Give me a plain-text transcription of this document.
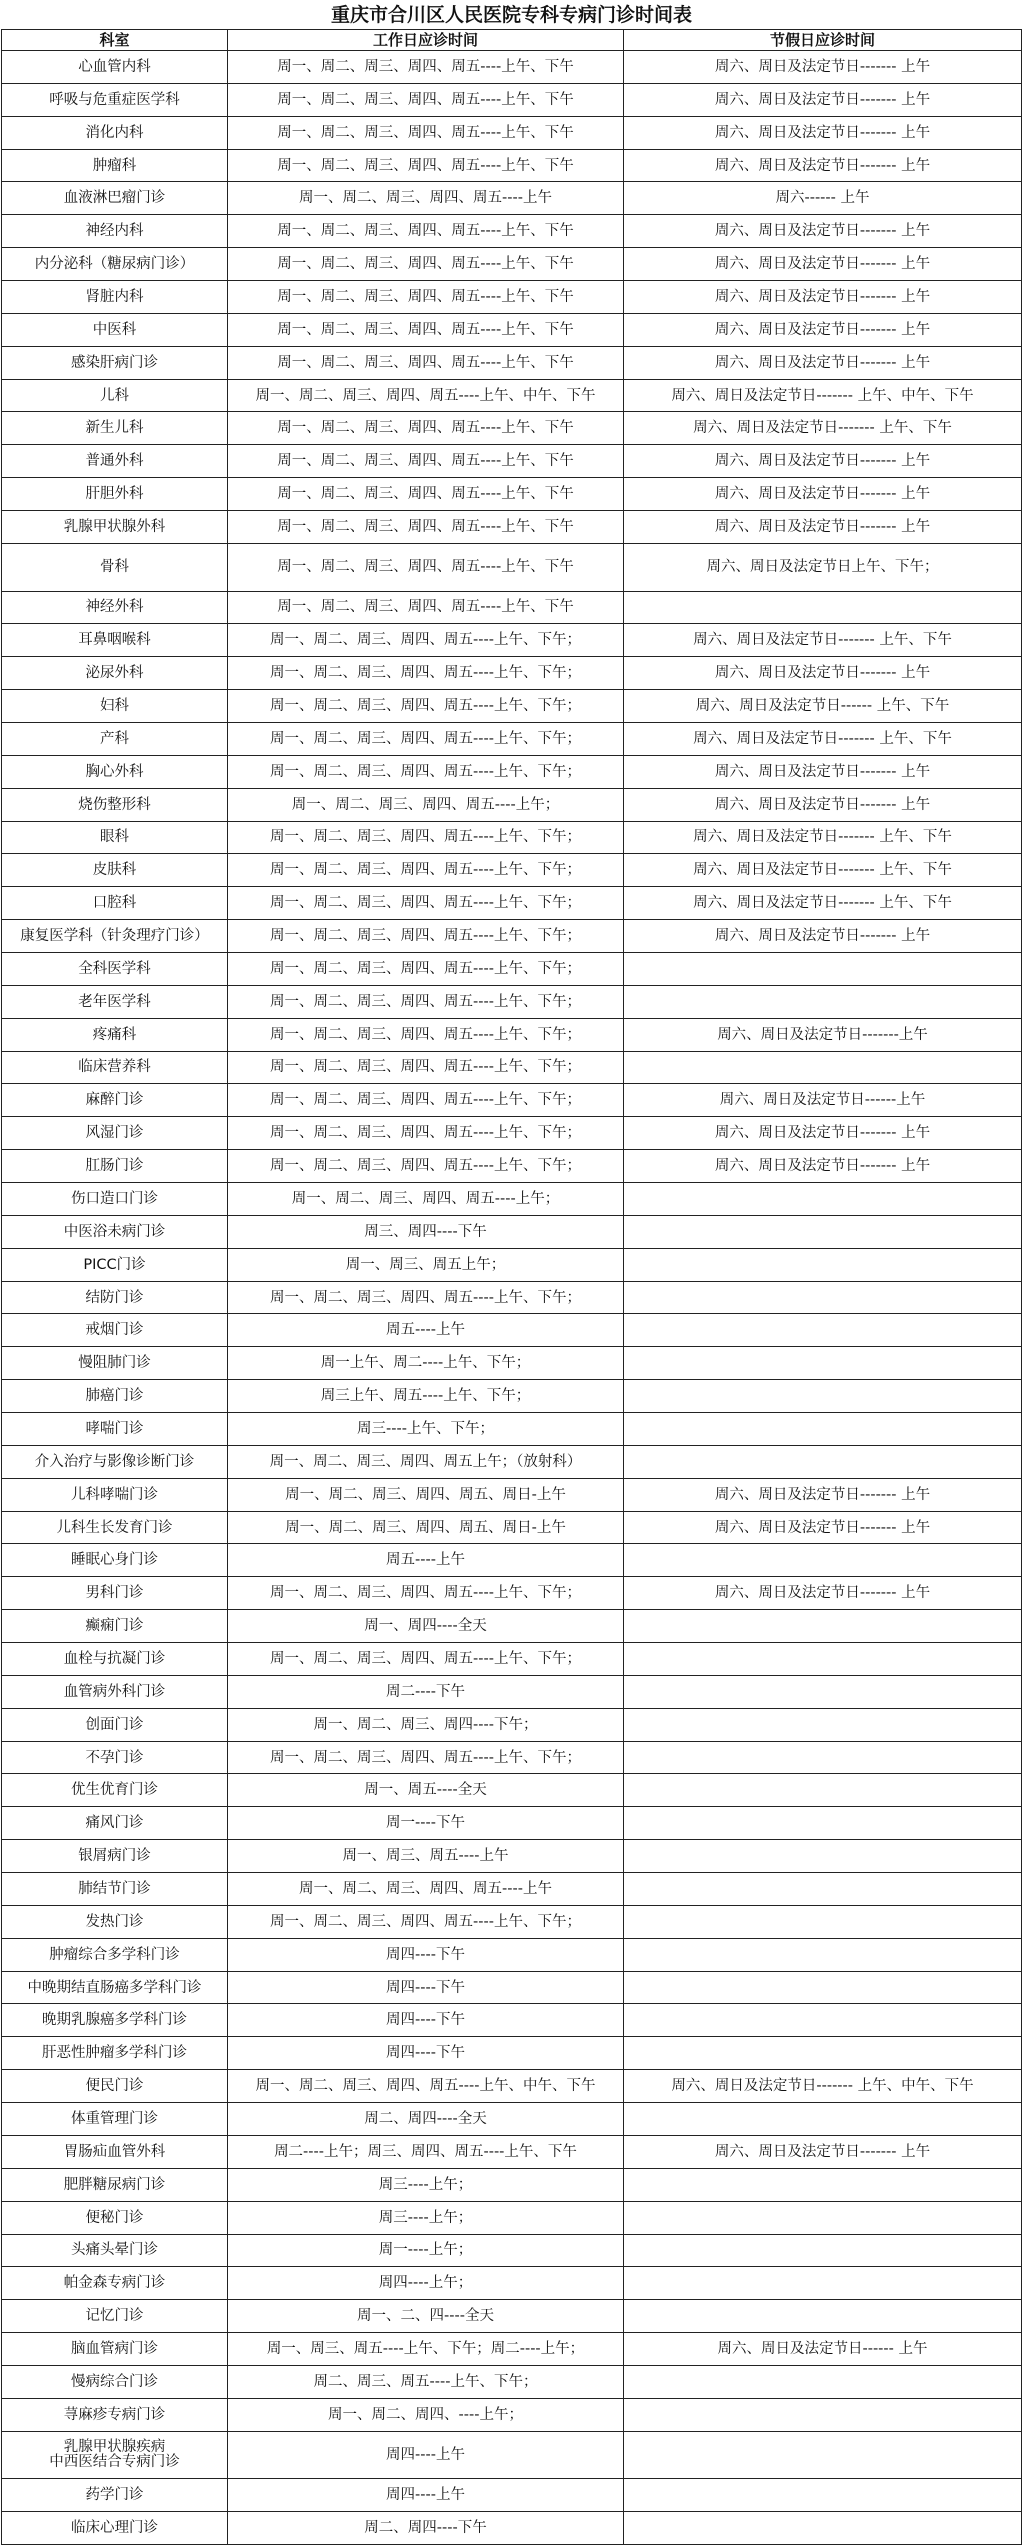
重庆市合川区人民医院专科专病门诊时间表
科室	工作日应诊时间	节假日应诊时间
心血管内科	周一、周二、周三、周四、周五----上午、下午	周六、周日及法定节日------- 上午
呼吸与危重症医学科	周一、周二、周三、周四、周五----上午、下午	周六、周日及法定节日------- 上午
消化内科	周一、周二、周三、周四、周五----上午、下午	周六、周日及法定节日------- 上午
肿瘤科	周一、周二、周三、周四、周五----上午、下午	周六、周日及法定节日------- 上午
血液淋巴瘤门诊	周一、周二、周三、周四、周五----上午	周六------ 上午
神经内科	周一、周二、周三、周四、周五----上午、下午	周六、周日及法定节日------- 上午
内分泌科（糖尿病门诊）	周一、周二、周三、周四、周五----上午、下午	周六、周日及法定节日------- 上午
肾脏内科	周一、周二、周三、周四、周五----上午、下午	周六、周日及法定节日------- 上午
中医科	周一、周二、周三、周四、周五----上午、下午	周六、周日及法定节日------- 上午
感染肝病门诊	周一、周二、周三、周四、周五----上午、下午	周六、周日及法定节日------- 上午
儿科	周一、周二、周三、周四、周五----上午、中午、下午	周六、周日及法定节日------- 上午、中午、下午
新生儿科	周一、周二、周三、周四、周五----上午、下午	周六、周日及法定节日------- 上午、下午
普通外科	周一、周二、周三、周四、周五----上午、下午	周六、周日及法定节日------- 上午
肝胆外科	周一、周二、周三、周四、周五----上午、下午	周六、周日及法定节日------- 上午
乳腺甲状腺外科	周一、周二、周三、周四、周五----上午、下午	周六、周日及法定节日------- 上午
骨科	周一、周二、周三、周四、周五----上午、下午	周六、周日及法定节日上午、下午；
神经外科	周一、周二、周三、周四、周五----上午、下午	
耳鼻咽喉科	周一、周二、周三、周四、周五----上午、下午；	周六、周日及法定节日------- 上午、下午
泌尿外科	周一、周二、周三、周四、周五----上午、下午；	周六、周日及法定节日------- 上午
妇科	周一、周二、周三、周四、周五----上午、下午；	周六、周日及法定节日------ 上午、下午
产科	周一、周二、周三、周四、周五----上午、下午；	周六、周日及法定节日------- 上午、下午
胸心外科	周一、周二、周三、周四、周五----上午、下午；	周六、周日及法定节日------- 上午
烧伤整形科	周一、周二、周三、周四、周五----上午；	周六、周日及法定节日------- 上午
眼科	周一、周二、周三、周四、周五----上午、下午；	周六、周日及法定节日------- 上午、下午
皮肤科	周一、周二、周三、周四、周五----上午、下午；	周六、周日及法定节日------- 上午、下午
口腔科	周一、周二、周三、周四、周五----上午、下午；	周六、周日及法定节日------- 上午、下午
康复医学科（针灸理疗门诊）	周一、周二、周三、周四、周五----上午、下午；	周六、周日及法定节日------- 上午
全科医学科	周一、周二、周三、周四、周五----上午、下午；	
老年医学科	周一、周二、周三、周四、周五----上午、下午；	
疼痛科	周一、周二、周三、周四、周五----上午、下午；	周六、周日及法定节日-------上午
临床营养科	周一、周二、周三、周四、周五----上午、下午；	
麻醉门诊	周一、周二、周三、周四、周五----上午、下午；	周六、周日及法定节日------上午
风湿门诊	周一、周二、周三、周四、周五----上午、下午；	周六、周日及法定节日------- 上午
肛肠门诊	周一、周二、周三、周四、周五----上午、下午；	周六、周日及法定节日------- 上午
伤口造口门诊	周一、周二、周三、周四、周五----上午；	
中医浴未病门诊	周三、周四----下午	
PICC门诊	周一、周三、周五上午；	
结防门诊	周一、周二、周三、周四、周五----上午、下午；	
戒烟门诊	周五----上午	
慢阻肺门诊	周一上午、周二----上午、下午；	
肺癌门诊	周三上午、周五----上午、下午；	
哮喘门诊	周三----上午、下午；	
介入治疗与影像诊断门诊	周一、周二、周三、周四、周五上午；（放射科）	
儿科哮喘门诊	周一、周二、周三、周四、周五、周日-上午	周六、周日及法定节日------- 上午
儿科生长发育门诊	周一、周二、周三、周四、周五、周日-上午	周六、周日及法定节日------- 上午
睡眠心身门诊	周五----上午	
男科门诊	周一、周二、周三、周四、周五----上午、下午；	周六、周日及法定节日------- 上午
癫痫门诊	周一、周四----全天	
血栓与抗凝门诊	周一、周二、周三、周四、周五----上午、下午；	
血管病外科门诊	周二----下午	
创面门诊	周一、周二、周三、周四----下午；	
不孕门诊	周一、周二、周三、周四、周五----上午、下午；	
优生优育门诊	周一、周五----全天	
痛风门诊	周一----下午	
银屑病门诊	周一、周三、周五----上午	
肺结节门诊	周一、周二、周三、周四、周五----上午	
发热门诊	周一、周二、周三、周四、周五----上午、下午；	
肿瘤综合多学科门诊	周四----下午	
中晚期结直肠癌多学科门诊	周四----下午	
晚期乳腺癌多学科门诊	周四----下午	
肝恶性肿瘤多学科门诊	周四----下午	
便民门诊	周一、周二、周三、周四、周五----上午、中午、下午	周六、周日及法定节日------- 上午、中午、下午
体重管理门诊	周二、周四----全天	
胃肠疝血管外科	周二----上午；周三、周四、周五----上午、下午	周六、周日及法定节日------- 上午
肥胖糖尿病门诊	周三----上午；	
便秘门诊	周三----上午；	
头痛头晕门诊	周一----上午；	
帕金森专病门诊	周四----上午；	
记忆门诊	周一、二、四----全天	
脑血管病门诊	周一、周三、周五----上午、下午；周二----上午；	周六、周日及法定节日------ 上午
慢病综合门诊	周二、周三、周五----上午、下午；	
荨麻疹专病门诊	周一、周二、周四、----上午；	
乳腺甲状腺疾病
中西医结合专病门诊	周四----上午	
药学门诊	周四----上午	
临床心理门诊	周二、周四----下午	
